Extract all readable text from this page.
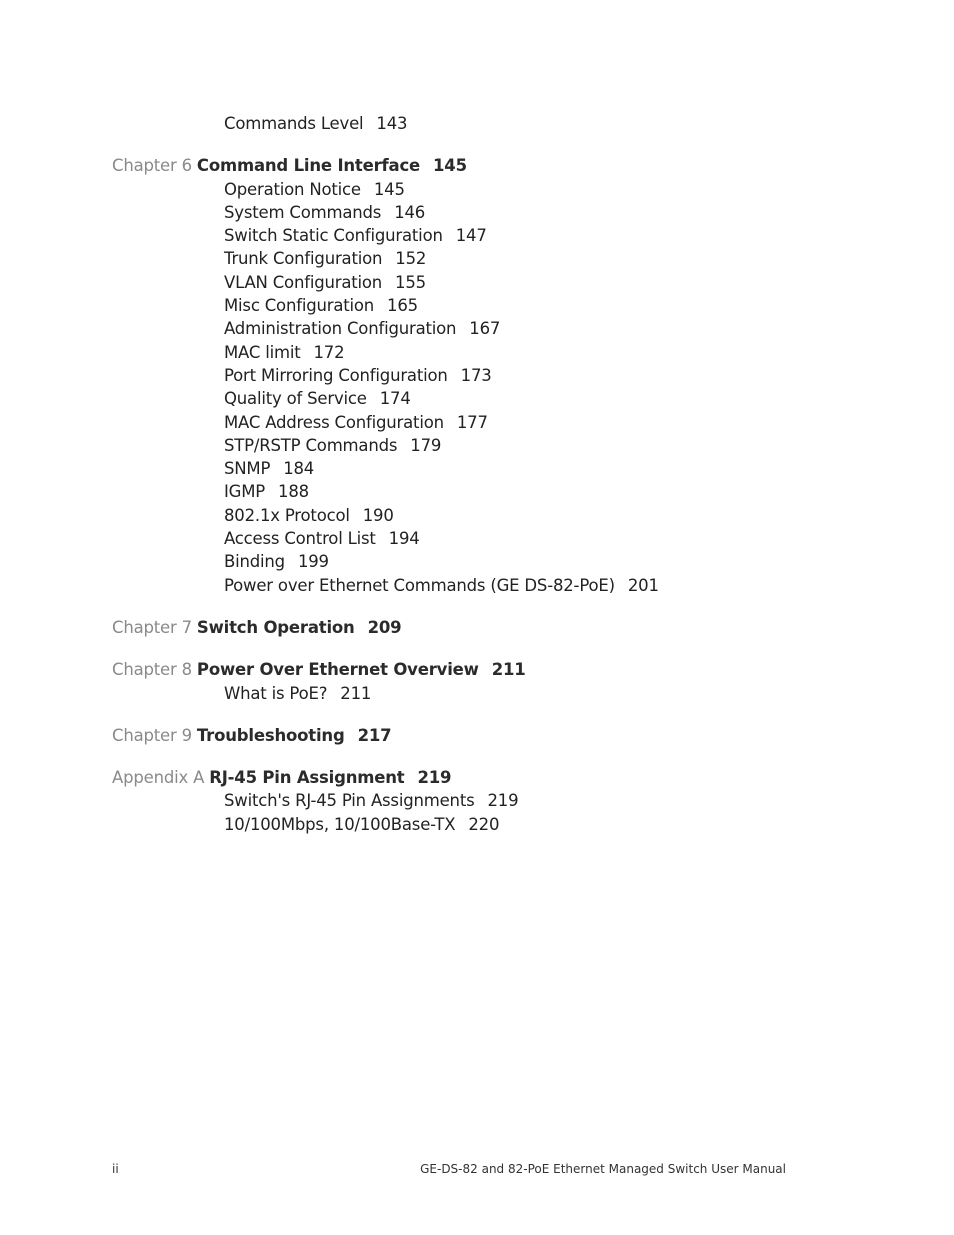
Commands Level 143
Chapter 6 Command Line Interface 145
Operation Notice 145
System Commands 146
Switch Static Configuration 147
Trunk Configuration 152
VLAN Configuration 155
Misc Configuration 165
Administration Configuration 167
MAC limit 172
Port Mirroring Configuration 173
Quality of Service 174
MAC Address Configuration 177
STP/RSTP Commands 179
SNMP 184
IGMP 188
802.1x Protocol 190
Access Control List 194
Binding 199
Power over Ethernet Commands (GE DS-82-PoE) 201
Chapter 7 Switch Operation 209
Chapter 8 Power Over Ethernet Overview 211
What is PoE? 211
Chapter 9 Troubleshooting 217
Appendix A RJ-45 Pin Assignment 219
Switch's RJ-45 Pin Assignments 219
10/100Mbps, 10/100Base-TX 220
ii	GE-DS-82 and 82-PoE Ethernet Managed Switch User Manual
